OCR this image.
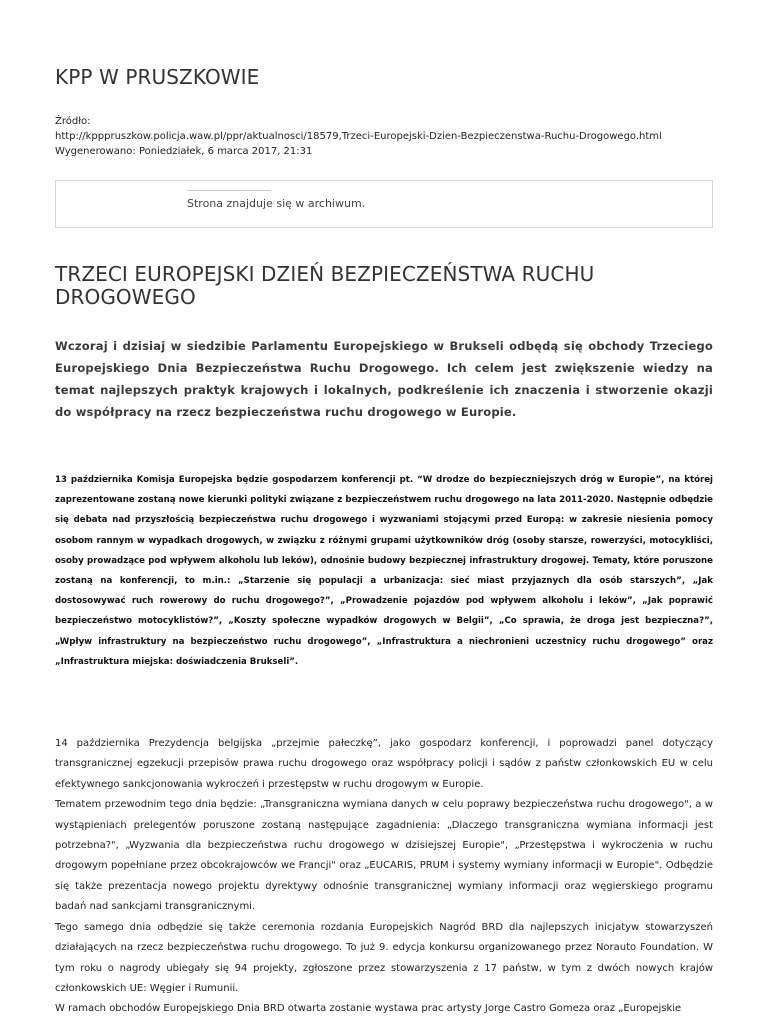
KPP W PRUSZKOWIE
Źródło:
http://kpppruszkow.policja.waw.pl/ppr/aktualnosci/18579,Trzeci-Europejski-Dzien-Bezpieczenstwa-Ruchu-Drogowego.html
Wygenerowano: Poniedziałek, 6 marca 2017, 21:31
Strona znajduje się w archiwum.
TRZECI EUROPEJSKI DZIEŃ BEZPIECZEŃSTWA RUCHU DROGOWEGO
Wczoraj i dzisiaj w siedzibie Parlamentu Europejskiego w Brukseli odbędą się obchody Trzeciego Europejskiego Dnia Bezpieczeństwa Ruchu Drogowego. Ich celem jest zwiększenie wiedzy na temat najlepszych praktyk krajowych i lokalnych, podkreślenie ich znaczenia i stworzenie okazji do współpracy na rzecz bezpieczeństwa ruchu drogowego w Europie.
13 października Komisja Europejska będzie gospodarzem konferencji pt. “W drodze do bezpieczniejszych dróg w Europie”, na której zaprezentowane zostaną nowe kierunki polityki związane z bezpieczeństwem ruchu drogowego na lata 2011-2020. Następnie odbędzie się debata nad przyszłością bezpieczeństwa ruchu drogowego i wyzwaniami stojącymi przed Europą: w zakresie niesienia pomocy osobom rannym w wypadkach drogowych, w związku z różnymi grupami użytkowników dróg (osoby starsze, rowerzyści, motocykliści, osoby prowadzące pod wpływem alkoholu lub leków), odnośnie budowy bezpiecznej infrastruktury drogowej. Tematy, które poruszone zostaną na konferencji, to m.in.: „Starzenie się populacji a urbanizacja: sieć miast przyjaznych dla osób starszych”, „Jak dostosowywać ruch rowerowy do ruchu drogowego?”, „Prowadzenie pojazdów pod wpływem alkoholu i leków”, „Jak poprawić bezpieczeństwo motocyklistów?”, „Koszty społeczne wypadków drogowych w Belgii”, „Co sprawia, że droga jest bezpieczna?”, „Wpływ infrastruktury na bezpieczeństwo ruchu drogowego”, „Infrastruktura a niechronieni uczestnicy ruchu drogowego” oraz „Infrastruktura miejska: doświadczenia Brukseli”.

14 października Prezydencja belgijska „przejmie pałeczkę”, jako gospodarz konferencji, i poprowadzi panel dotyczący transgranicznej egzekucji przepisów prawa ruchu drogowego oraz współpracy policji i sądów z państw członkowskich EU w celu efektywnego sankcjonowania wykroczeń i przestępstw w ruchu drogowym w Europie.

Tematem przewodnim tego dnia będzie: „Transgraniczna wymiana danych w celu poprawy bezpieczeństwa ruchu drogowego", a w wystąpieniach prelegentów poruszone zostaną następujące zagadnienia: „Dlaczego transgraniczna wymiana informacji jest potrzebna?", „Wyzwania dla bezpieczeństwa ruchu drogowego w dzisiejszej Europie", „Przestępstwa i wykroczenia w ruchu drogowym popełniane przez obcokrajowców we Francji" oraz „EUCARIS, PRUM i systemy wymiany informacji w Europie". Odbędzie się także prezentacja nowego projektu dyrektywy odnośnie transgranicznej wymiany informacji oraz węgierskiego programu badań nad sankcjami transgranicznymi.

Tego samego dnia odbędzie się także ceremonia rozdania Europejskich Nagród BRD dla najlepszych inicjatyw stowarzyszeń działających na rzecz bezpieczeństwa ruchu drogowego. To już 9. edycja konkursu organizowanego przez Norauto Foundation. W tym roku o nagrody ubiegały się 94 projekty, zgłoszone przez stowarzyszenia z 17 państw, w tym z dwóch nowych krajów członkowskich UE: Węgier i Rumunii.

W ramach obchodów Europejskiego Dnia BRD otwarta zostanie wystawa prac artysty Jorge Castro Gomeza oraz „Europejskie
